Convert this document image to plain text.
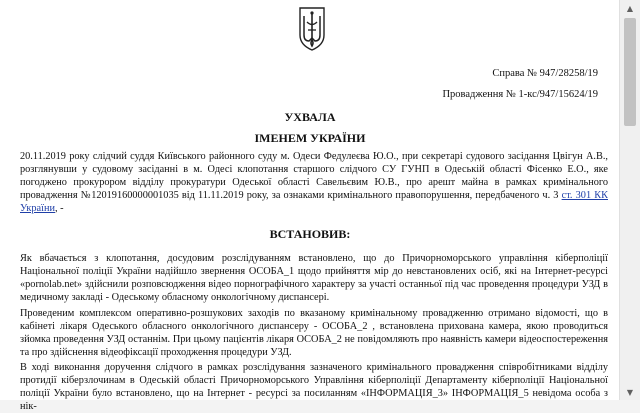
Справа № 947/28258/19
Провадження № 1-кс/947/15624/19
УХВАЛА
ІМЕНЕМ УКРАЇНИ
20.11.2019 року слідчий суддя Київського районного суду м. Одеси Федулеєва Ю.О., при секретарі судового засідання Цвігун А.В., розглянувши у судовому засіданні в м. Одесі клопотання старшого слідчого СУ ГУНП в Одеській області Фісенко Е.О., яке погоджено прокурором відділу прокуратури Одеської області Савельєвим Ю.В., про арешт майна в рамках кримінального провадження №12019160000001035 від 11.11.2019 року, за ознаками кримінального правопорушення, передбаченого ч. 3 ст. 301 КК України, -
ВСТАНОВИВ:
Як вбачається з клопотання, досудовим розслідуванням встановлено, що до Причорноморського управління кіберполіції Національної поліції України надійшло звернення ОСОБА_1 щодо прийняття мір до невстановлених осіб, які на Інтернет-ресурсі «pornolab.net» здійснили розповсюдження відео порнографічного характеру за участі останньої під час проведення процедури УЗД в медичному закладі - Одеському обласному онкологічному диспансері.
Проведеним комплексом оперативно-розшукових заходів по вказаному кримінальному провадженню отримано відомості, що в кабінеті лікаря Одеського обласного онкологічного диспансеру - ОСОБА_2 , встановлена прихована камера, якою проводиться зйомка проведення УЗД останнім. При цьому пацієнтів лікаря ОСОБА_2 не повідомляють про наявність камери відеоспостереження та про здійснення відеофіксації проходження процедури УЗД.
В ході виконання доручення слідчого в рамках розслідування зазначеного кримінального провадження співробітниками відділу протидії кіберзлочинам в Одеській області Причорноморського Управління кіберполіції Департаменту кіберполіції Національної поліції України було встановлено, що на Інтернет - ресурсі за посиланням «ІНФОРМАЦІЯ_3» ІНФОРМАЦІЯ_5 невідома особа з нік-
▲
▼
